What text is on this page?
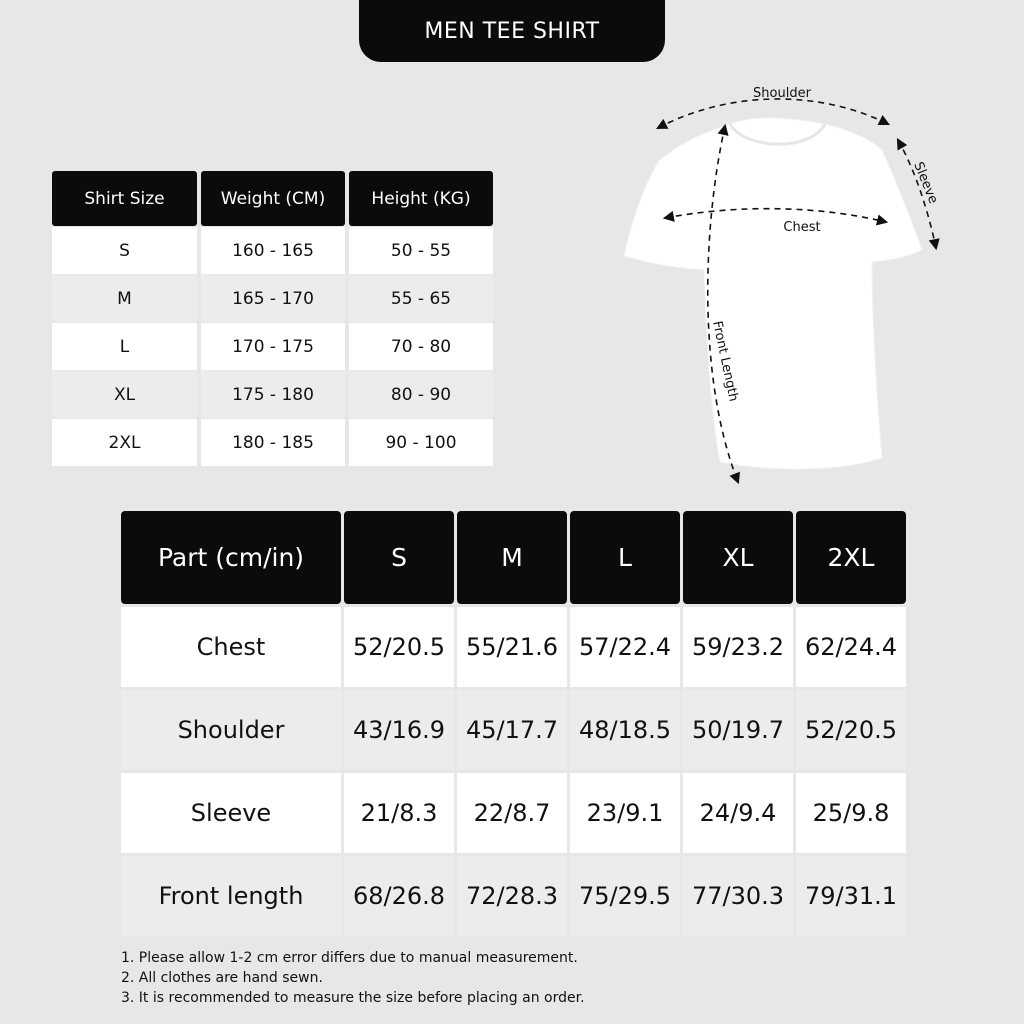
MEN TEE SHIRT
Shirt Size	Weight (CM)	Height (KG)
S	160 - 165	50 - 55
M	165 - 170	55 - 65
L	170 - 175	70 - 80
XL	175 - 180	80 - 90
2XL	180 - 185	90 - 100
Shoulder
Sleeve
Chest
Front Length
Part (cm/in)	S	M	L	XL	2XL
Chest	52/20.5 55/21.6 57/22.4 59/23.2 62/24.4
Shoulder	43/16.9 45/17.7 48/18.5 50/19.7 52/20.5
Sleeve	21/8.3	22/8.7	23/9.1	24/9.4	25/9.8
Front length	68/26.8 72/28.3 75/29.5 77/30.3 79/31.1
1. Please allow 1-2 cm error differs due to manual measurement.
2. All clothes are hand sewn.
3. It is recommended to measure the size before placing an order.
